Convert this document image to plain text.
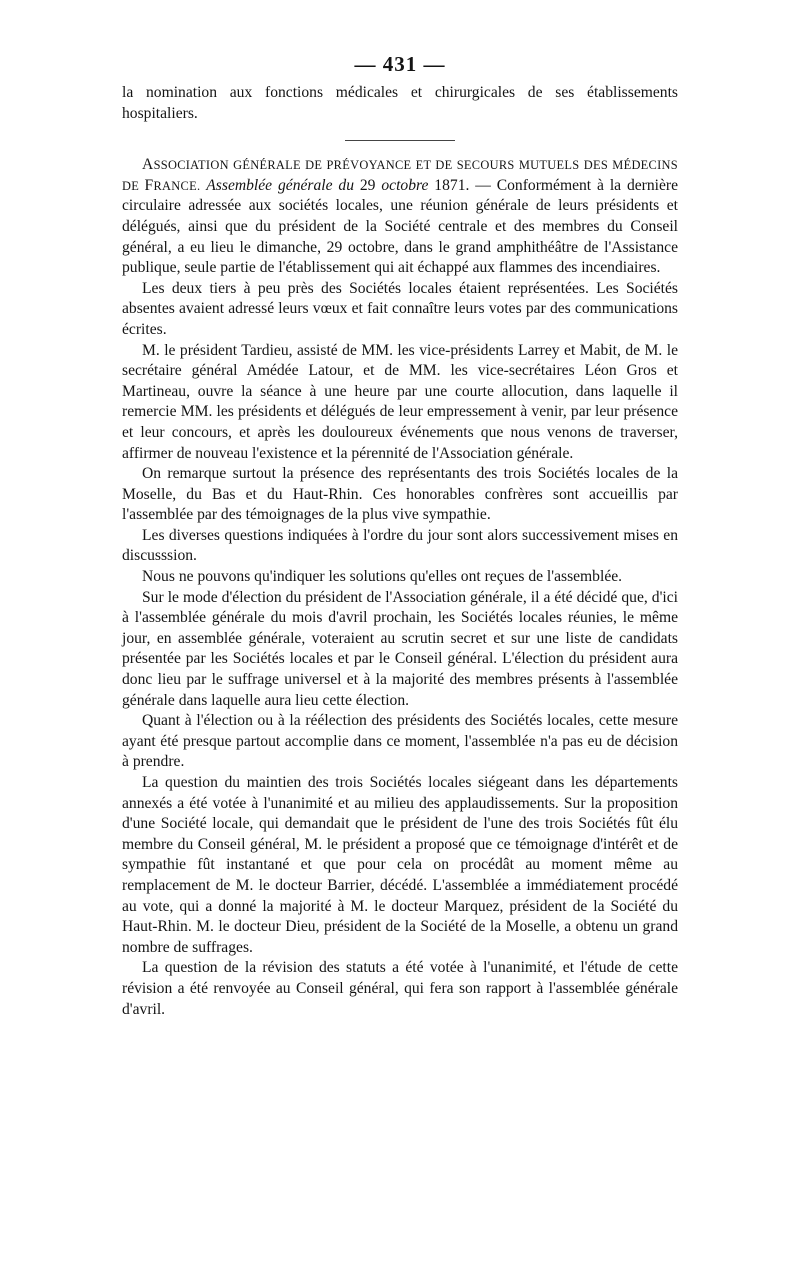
— 431 —

la nomination aux fonctions médicales et chirurgicales de ses établissements hospitaliers.

ASSOCIATION GÉNÉRALE DE PRÉVOYANCE ET DE SECOURS MUTUELS DES MÉDECINS DE FRANCE. Assemblée générale du 29 octobre 1871. — Conformément à la dernière circulaire adressée aux sociétés locales, une réunion générale de leurs présidents et délégués, ainsi que du président de la Société centrale et des membres du Conseil général, a eu lieu le dimanche, 29 octobre, dans le grand amphithéâtre de l'Assistance publique, seule partie de l'établissement qui ait échappé aux flammes des incendiaires.

Les deux tiers à peu près des Sociétés locales étaient représentées. Les Sociétés absentes avaient adressé leurs vœux et fait connaître leurs votes par des communications écrites.

M. le président Tardieu, assisté de MM. les vice-présidents Larrey et Mabit, de M. le secrétaire général Amédée Latour, et de MM. les vice-secrétaires Léon Gros et Martineau, ouvre la séance à une heure par une courte allocution, dans laquelle il remercie MM. les présidents et délégués de leur empressement à venir, par leur présence et leur concours, et après les douloureux événements que nous venons de traverser, affirmer de nouveau l'existence et la pérennité de l'Association générale.

On remarque surtout la présence des représentants des trois Sociétés locales de la Moselle, du Bas et du Haut-Rhin. Ces honorables confrères sont accueillis par l'assemblée par des témoignages de la plus vive sympathie.

Les diverses questions indiquées à l'ordre du jour sont alors successivement mises en discusssion.

Nous ne pouvons qu'indiquer les solutions qu'elles ont reçues de l'assemblée.

Sur le mode d'élection du président de l'Association générale, il a été décidé que, d'ici à l'assemblée générale du mois d'avril prochain, les Sociétés locales réunies, le même jour, en assemblée générale, voteraient au scrutin secret et sur une liste de candidats présentée par les Sociétés locales et par le Conseil général. L'élection du président aura donc lieu par le suffrage universel et à la majorité des membres présents à l'assemblée générale dans laquelle aura lieu cette élection.

Quant à l'élection ou à la réélection des présidents des Sociétés locales, cette mesure ayant été presque partout accomplie dans ce moment, l'assemblée n'a pas eu de décision à prendre.

La question du maintien des trois Sociétés locales siégeant dans les départements annexés a été votée à l'unanimité et au milieu des applaudissements. Sur la proposition d'une Société locale, qui demandait que le président de l'une des trois Sociétés fût élu membre du Conseil général, M. le président a proposé que ce témoignage d'intérêt et de sympathie fût instantané et que pour cela on procédât au moment même au remplacement de M. le docteur Barrier, décédé. L'assemblée a immédiatement procédé au vote, qui a donné la majorité à M. le docteur Marquez, président de la Société du Haut-Rhin. M. le docteur Dieu, président de la Société de la Moselle, a obtenu un grand nombre de suffrages.

La question de la révision des statuts a été votée à l'unanimité, et l'étude de cette révision a été renvoyée au Conseil général, qui fera son rapport à l'assemblée générale d'avril.
